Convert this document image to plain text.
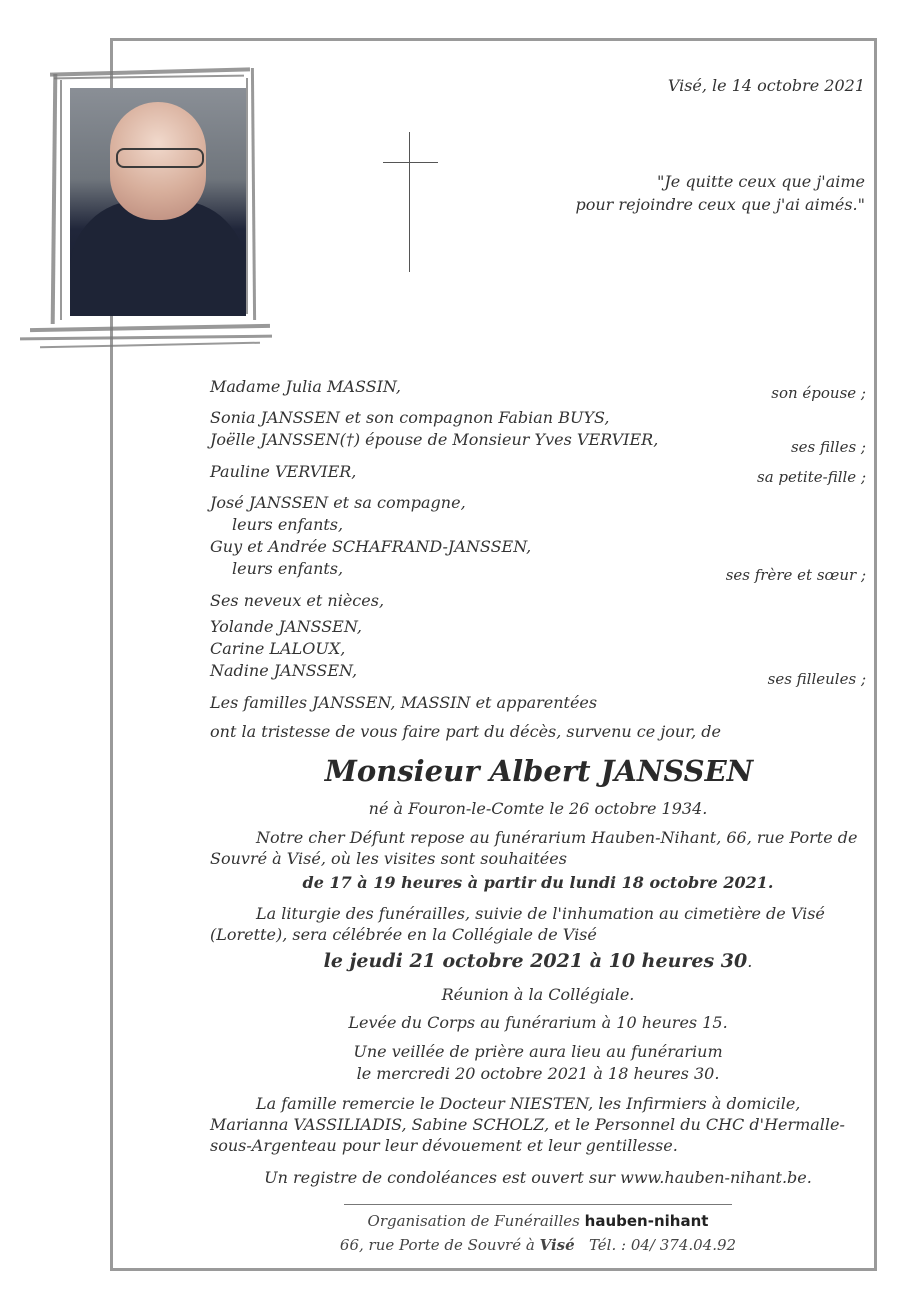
Visé, le 14 octobre 2021
"Je quitte ceux que j'aime
pour rejoindre ceux que j'ai aimés."
Madame Julia MASSIN,	son épouse ;
Sonia JANSSEN et son compagnon Fabian BUYS,
Joëlle JANSSEN(†) épouse de Monsieur Yves VERVIER,	ses filles ;
Pauline VERVIER,	sa petite-fille ;
José JANSSEN et sa compagne,
leurs enfants,
Guy et Andrée SCHAFRAND-JANSSEN,
leurs enfants,	ses frère et sœur ;
Ses neveux et nièces,
Yolande JANSSEN,
Carine LALOUX,
Nadine JANSSEN,	ses filleules ;
Les familles JANSSEN, MASSIN et apparentées
ont la tristesse de vous faire part du décès, survenu ce jour, de
Monsieur Albert JANSSEN
né à Fouron-le-Comte le 26 octobre 1934.
Notre cher Défunt repose au funérarium Hauben-Nihant, 66, rue Porte de Souvré à Visé, où les visites sont souhaitées
de 17 à 19 heures à partir du lundi 18 octobre 2021.
La liturgie des funérailles, suivie de l'inhumation au cimetière de Visé (Lorette), sera célébrée en la Collégiale de Visé
le jeudi 21 octobre 2021 à 10 heures 30.
Réunion à la Collégiale.
Levée du Corps au funérarium à 10 heures 15.
Une veillée de prière aura lieu au funérarium
le mercredi 20 octobre 2021 à 18 heures 30.
La famille remercie le Docteur NIESTEN, les Infirmiers à domicile, Marianna VASSILIADIS, Sabine SCHOLZ, et le Personnel du CHC d'Hermalle-sous-Argenteau pour leur dévouement et leur gentillesse.
Un registre de condoléances est ouvert sur www.hauben-nihant.be.
Organisation de Funérailles hauben-nihant
66, rue Porte de Souvré à Visé Tél. : 04/ 374.04.92
